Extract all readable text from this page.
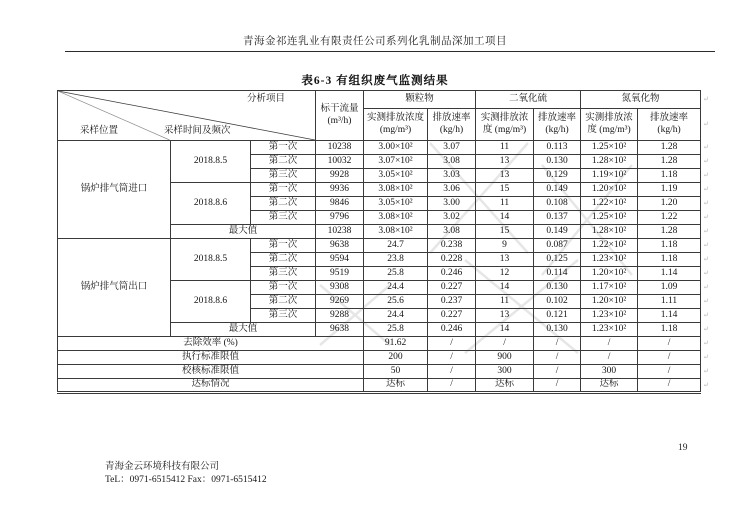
青海金祁连乳业有限责任公司系列化乳制品深加工项目
表6-3 有组织废气监测结果
分析项目
采样时间及频次
采样位置			标干流量 (m³/h)	颗粒物		二氧化硫		氮氧化物	
				实测排放浓度 (mg/m³)	排放速率 (kg/h)	实测排放浓度 (mg/m³)	排放速率 (kg/h)	实测排放浓度 (mg/m³)	排放速率 (kg/h)
锅炉排气筒进口	2018.8.5	第一次	10238	3.00×10²	3.07	11	0.113	1.25×10²	1.28
		第二次	10032	3.07×10²	3.08	13	0.130	1.28×10²	1.28
		第三次	9928	3.05×10²	3.03	13	0.129	1.19×10²	1.18
	2018.8.6	第一次	9936	3.08×10²	3.06	15	0.149	1.20×10²	1.19
		第二次	9846	3.05×10²	3.00	11	0.108	1.22×10²	1.20
		第三次	9796	3.08×10²	3.02	14	0.137	1.25×10²	1.22
	最大值		10238	3.08×10²	3.08	15	0.149	1.28×10²	1.28
锅炉排气筒出口	2018.8.5	第一次	9638	24.7	0.238	9	0.087	1.22×10²	1.18
		第二次	9594	23.8	0.228	13	0.125	1.23×10²	1.18
		第三次	9519	25.8	0.246	12	0.114	1.20×10²	1.14
	2018.8.6	第一次	9308	24.4	0.227	14	0.130	1.17×10²	1.09
		第二次	9269	25.6	0.237	11	0.102	1.20×10²	1.11
		第三次	9288	24.4	0.227	13	0.121	1.23×10²	1.14
	最大值		9638	25.8	0.246	14	0.130	1.23×10²	1.18
去除效率 (%)				91.62	/	/	/	/	/
执行标准限值				200	/	900	/	/	/
校核标准限值				50	/	300	/	300	/
达标情况				达标	/	达标	/	达标	/
青海金云环境科技有限公司
TeL：0971-6515412 Fax：0971-6515412
19
↵
↵
↵
↵
↵
↵
↵
↵
↵
↵
↵
↵
↵
↵
↵
↵
↵
↵
↵
↵
